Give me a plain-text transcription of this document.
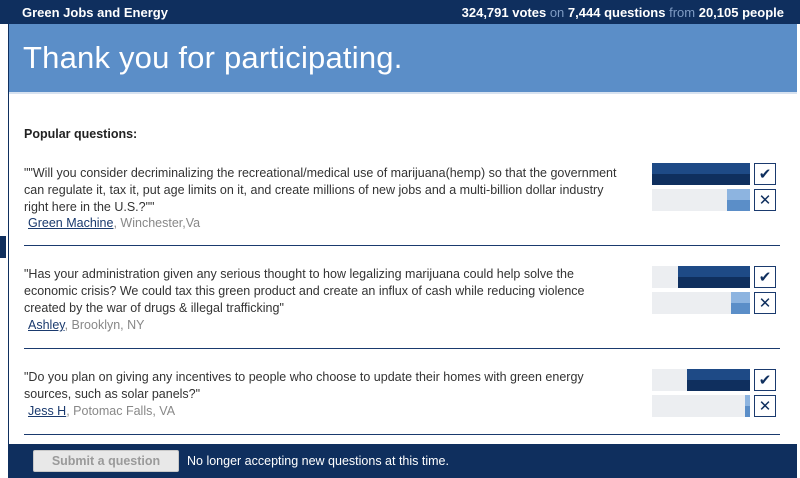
Green Jobs and Energy	324,791 votes on 7,444 questions from 20,105 people
Thank you for participating.
Popular questions:
""Will you consider decriminalizing the recreational/medical use of marijuana(hemp) so that the government can regulate it, tax it, put age limits on it, and create millions of new jobs and a multi-billion dollar industry right here in the U.S.?""
Green Machine, Winchester,Va
✔
✕
"Has your administration given any serious thought to how legalizing marijuana could help solve the economic crisis? We could tax this green product and create an influx of cash while reducing violence created by the war of drugs & illegal trafficking"
Ashley, Brooklyn, NY
✔
✕
"Do you plan on giving any incentives to people who choose to update their homes with green energy sources, such as solar panels?"
Jess H, Potomac Falls, VA
✔
✕
Submit a question	No longer accepting new questions at this time.
